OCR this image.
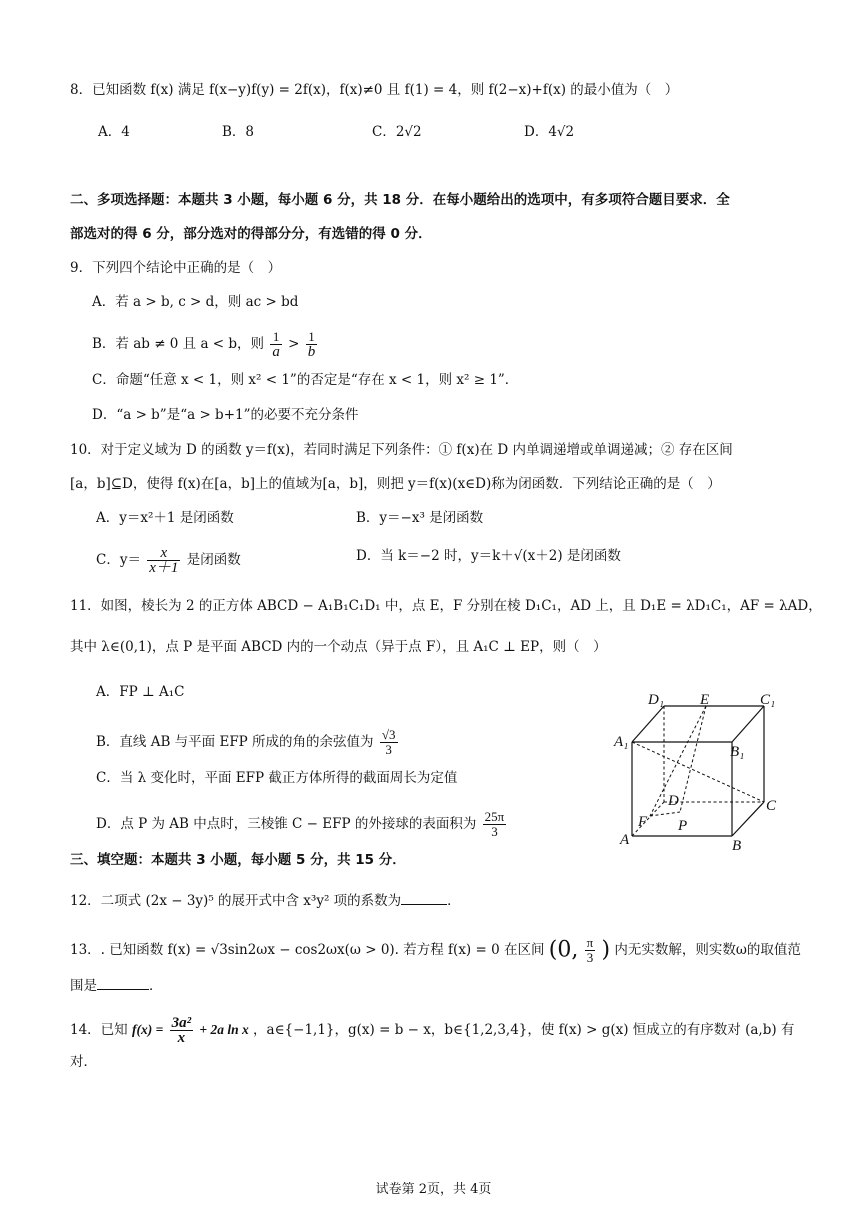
8．已知函数 f(x) 满足 f(x−y)f(y) = 2f(x)，f(x)≠0 且 f(1) = 4，则 f(2−x)+f(x) 的最小值为（　）
A．4	B．8	C．2√2	D．4√2
二、多项选择题：本题共 3 小题，每小题 6 分，共 18 分．在每小题给出的选项中，有多项符合题目要求．全
部选对的得 6 分，部分选对的得部分分，有选错的得 0 分．
9．下列四个结论中正确的是（　）
A．若 a > b, c > d，则 ac > bd
B．若 ab ≠ 0 且 a < b，则 $\frac{1}{a} > \frac{1}{b}$
C．命题“任意 x < 1，则 x² < 1”的否定是“存在 x < 1，则 x² ≥ 1”．
D．“a > b”是“a > b+1”的必要不充分条件
10．对于定义域为 D 的函数 y＝f(x)，若同时满足下列条件：① f(x)在 D 内单调递增或单调递减；② 存在区间
[a，b]⊆D，使得 f(x)在[a，b]上的值域为[a，b]，则把 y＝f(x)(x∈D)称为闭函数．下列结论正确的是（　）
A．y＝x²＋1 是闭函数	B．y＝−x³ 是闭函数
C．$y= \frac{x}{x+1}$ 是闭函数	D．当 k＝−2 时，y＝k＋√(x＋2) 是闭函数
11．如图，棱长为 2 的正方体 ABCD − A₁B₁C₁D₁ 中，点 E，F 分别在棱 D₁C₁，AD 上，且 D₁E = λD₁C₁，AF = λAD，
其中 λ∈(0,1)，点 P 是平面 ABCD 内的一个动点（异于点 F），且 A₁C ⊥ EP，则（　）
A．FP ⊥ A₁C
B．直线 AB 与平面 EFP 所成的角的余弦值为 $\frac{√3}{3}$
C．当 λ 变化时，平面 EFP 截正方体所得的截面周长为定值
D．点 P 为 AB 中点时，三棱锥 C − EFP 的外接球的表面积为 $\frac{25\pi}{3}$
D₁ E	C₁
A₁
B₁
D	C
F P
A	B
三、填空题：本题共 3 小题，每小题 5 分，共 15 分．
12．二项式 (2x − 3y)⁵ 的展开式中含 x³y² 项的系数为	．
13．. 已知函数 f(x) = √3sin2ωx − cos2ωx(ω > 0). 若方程 f(x) = 0 在区间 (0, $\frac{\pi}{3}$ ) 内无实数解，则实数ω的取值范
围是	．
14．已知 $f(x) = \frac{\text{3a²}}{x} + 2a$ ln x ，a∈{−1,1}，g(x) = b − x，b∈{1,2,3,4}，使 f(x) > g(x) 恒成立的有序数对 (a,b) 有
对．
试卷第 2页，共 4页
